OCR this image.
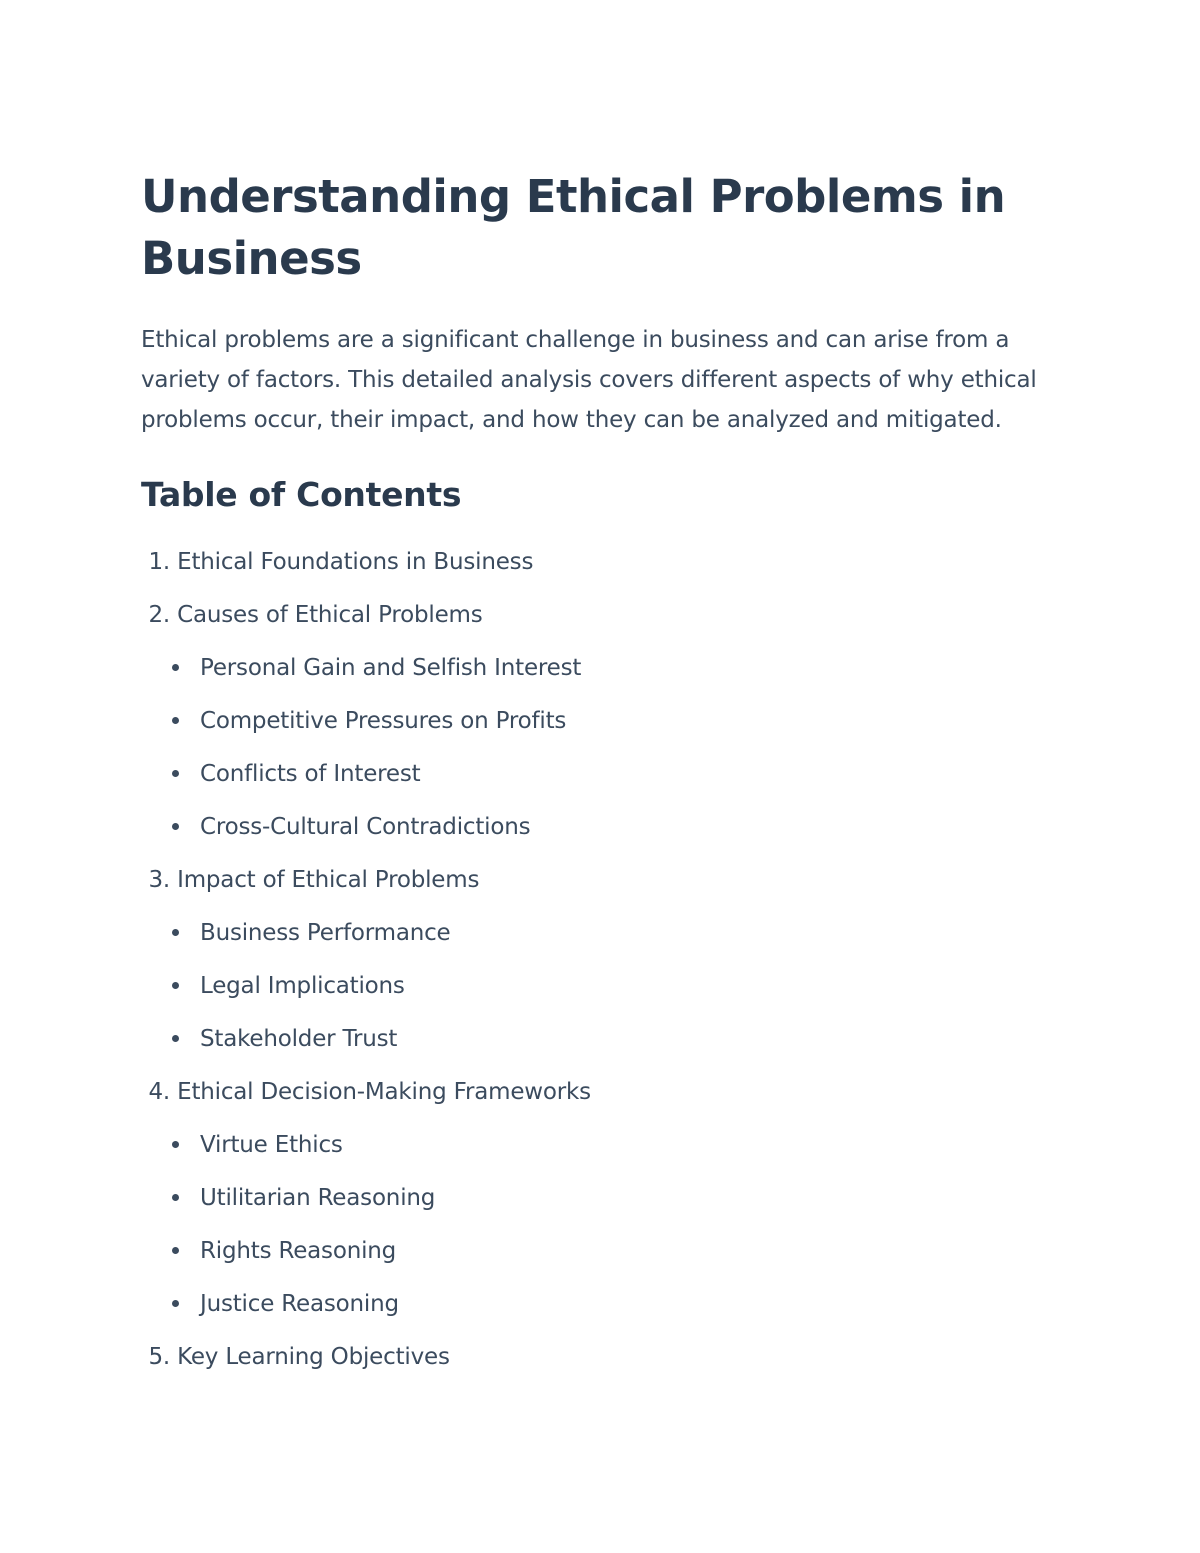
Understanding Ethical Problems in Business

Ethical problems are a significant challenge in business and can arise from a variety of factors. This detailed analysis covers different aspects of why ethical problems occur, their impact, and how they can be analyzed and mitigated.

Table of Contents
1. Ethical Foundations in Business
2. Causes of Ethical Problems
Personal Gain and Selfish Interest
Competitive Pressures on Profits
Conflicts of Interest
Cross-Cultural Contradictions
3. Impact of Ethical Problems
Business Performance
Legal Implications
Stakeholder Trust
4. Ethical Decision-Making Frameworks
Virtue Ethics
Utilitarian Reasoning
Rights Reasoning
Justice Reasoning
5. Key Learning Objectives
